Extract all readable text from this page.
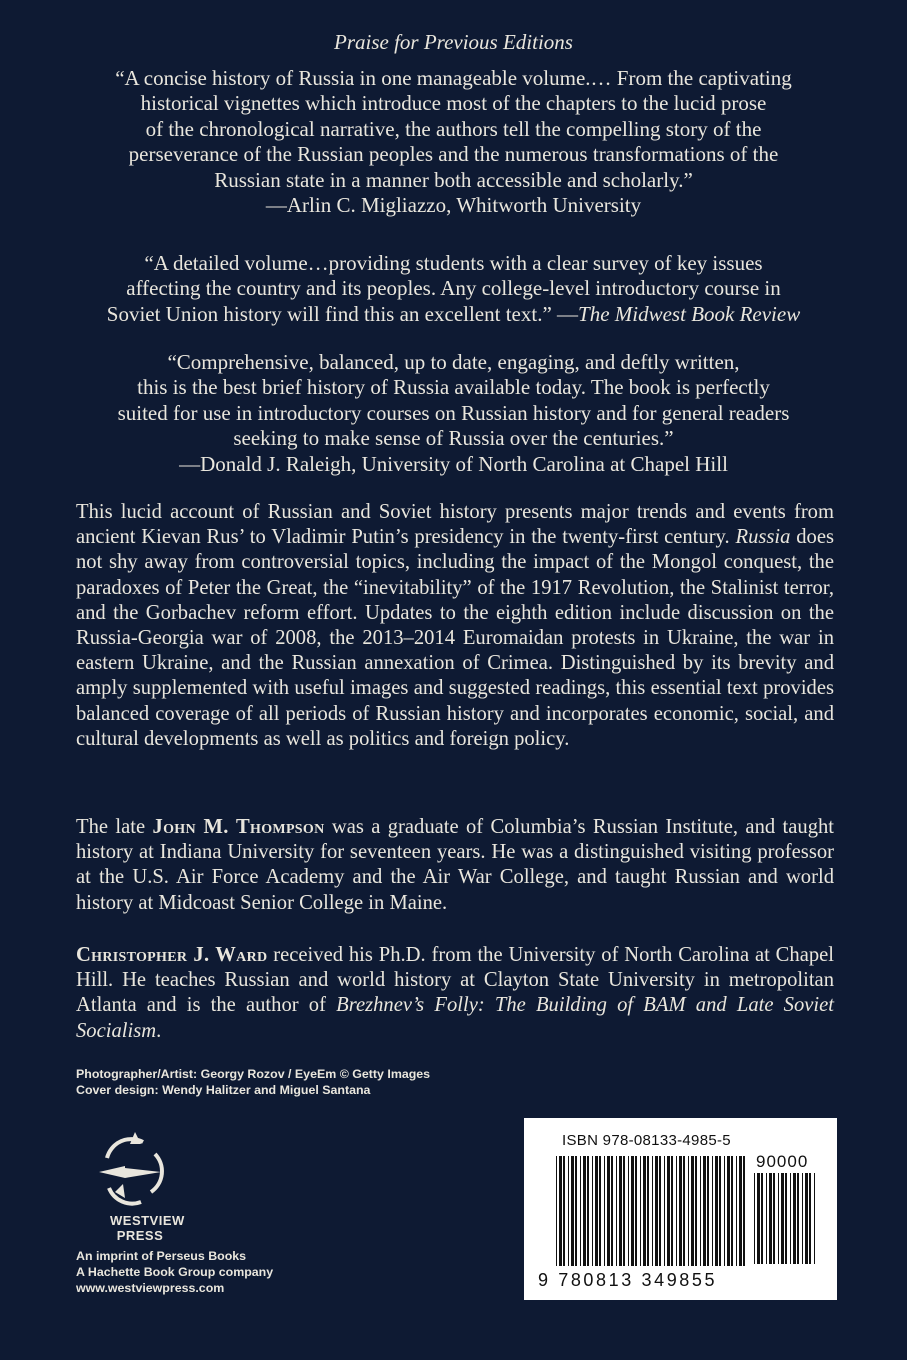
Praise for Previous Editions
“A concise history of Russia in one manageable volume.… From the captivating
historical vignettes which introduce most of the chapters to the lucid prose
of the chronological narrative, the authors tell the compelling story of the
perseverance of the Russian peoples and the numerous transformations of the
Russian state in a manner both accessible and scholarly.”
—Arlin C. Migliazzo, Whitworth University
“A detailed volume…providing students with a clear survey of key issues
affecting the country and its peoples. Any college-level introductory course in
Soviet Union history will find this an excellent text.” —The Midwest Book Review
“Comprehensive, balanced, up to date, engaging, and deftly written,
this is the best brief history of Russia available today. The book is perfectly
suited for use in introductory courses on Russian history and for general readers
seeking to make sense of Russia over the centuries.”
—Donald J. Raleigh, University of North Carolina at Chapel Hill
This lucid account of Russian and Soviet history presents major trends and events from ancient Kievan Rus’ to Vladimir Putin’s presidency in the twenty-first century. Russia does not shy away from controversial topics, including the impact of the Mongol conquest, the paradoxes of Peter the Great, the “inevitability” of the 1917 Revolution, the Stalinist terror, and the Gorbachev reform effort. Updates to the eighth edition include discussion on the Russia-Georgia war of 2008, the 2013–2014 Euromaidan protests in Ukraine, the war in eastern Ukraine, and the Russian annexation of Crimea. Distinguished by its brevity and amply supplemented with useful images and suggested readings, this essential text provides balanced coverage of all periods of Russian history and incorporates economic, social, and cultural developments as well as politics and foreign policy.
The late John M. Thompson was a graduate of Columbia’s Russian Institute, and taught history at Indiana University for seventeen years. He was a distinguished visiting professor at the U.S. Air Force Academy and the Air War College, and taught Russian and world history at Midcoast Senior College in Maine.
Christopher J. Ward received his Ph.D. from the University of North Carolina at Chapel Hill. He teaches Russian and world history at Clayton State University in metropolitan Atlanta and is the author of Brezhnev’s Folly: The Building of BAM and Late Soviet Socialism.
Photographer/Artist: Georgy Rozov / EyeEm © Getty Images
Cover design: Wendy Halitzer and Miguel Santana
WESTVIEW
PRESS
An imprint of Perseus Books
A Hachette Book Group company
www.westviewpress.com
ISBN 978-08133-4985-5
90000
9 780813 349855
